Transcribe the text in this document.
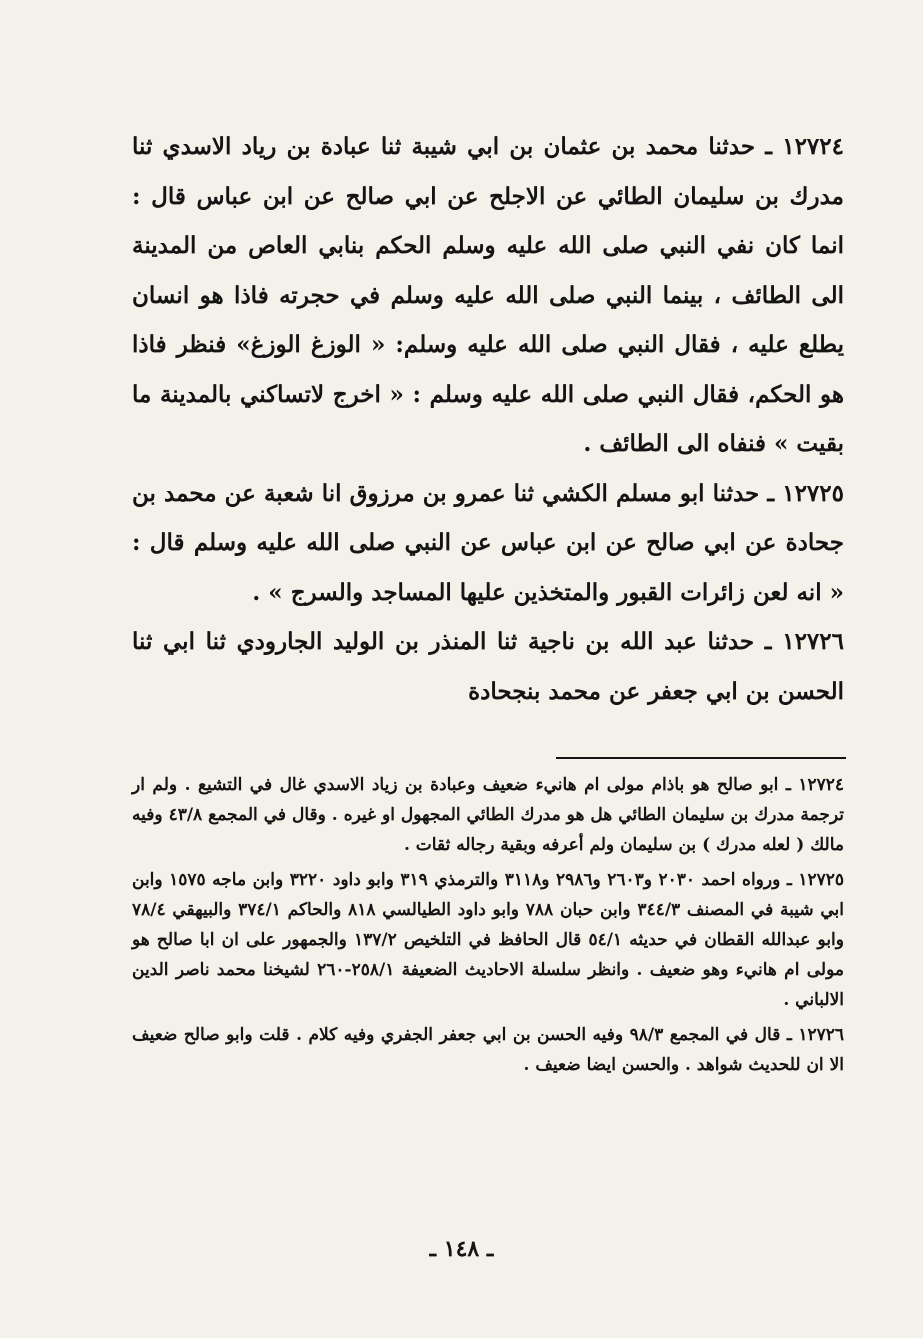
١٢٧٢٤ ـ حدثنا محمد بن عثمان بن ابي شيبة ثنا عبادة بن رياد الاسدي ثنا مدرك بن سليمان الطائي عن الاجلح عن ابي صالح عن ابن عباس قال : انما كان نفي النبي صلى الله عليه وسلم الحكم بنابي العاص من المدينة الى الطائف ، بينما النبي صلى الله عليه وسلم في حجرته فاذا هو انسان يطلع عليه ، فقال النبي صلى الله عليه وسلم: « الوزغ الوزغ» فنظر فاذا هو الحكم، فقال النبي صلى الله عليه وسلم : « اخرج لاتساكني بالمدينة ما بقيت » فنفاه الى الطائف .

١٢٧٢٥ ـ حدثنا ابو مسلم الكشي ثنا عمرو بن مرزوق انا شعبة عن محمد بن جحادة عن ابي صالح عن ابن عباس عن النبي صلى الله عليه وسلم قال : « انه لعن زائرات القبور والمتخذين عليها المساجد والسرج » .

١٢٧٢٦ ـ حدثنا عبد الله بن ناجية ثنا المنذر بن الوليد الجارودي ثنا ابي ثنا الحسن بن ابي جعفر عن محمد بنجحادة

١٢٧٢٤ ـ ابو صالح هو باذام مولى ام هانيء ضعيف وعبادة بن زياد الاسدي غال في التشيع . ولم ار ترجمة مدرك بن سليمان الطائي هل هو مدرك الطائي المجهول او غيره . وقال في المجمع ٤٣/٨ وفيه مالك ( لعله مدرك ) بن سليمان ولم أعرفه وبقية رجاله ثقات .

١٢٧٢٥ ـ ورواه احمد ٢٠٣٠ و٢٦٠٣ و٢٩٨٦ و٣١١٨ والترمذي ٣١٩ وابو داود ٣٢٢٠ وابن ماجه ١٥٧٥ وابن ابي شيبة في المصنف ٣٤٤/٣ وابن حبان ٧٨٨ وابو داود الطيالسي ٨١٨ والحاكم ٣٧٤/١ والبيهقي ٧٨/٤ وابو عبدالله القطان في حديثه ٥٤/١ قال الحافظ في التلخيص ١٣٧/٢ والجمهور على ان ابا صالح هو مولى ام هانيء وهو ضعيف . وانظر سلسلة الاحاديث الضعيفة ٢٥٨/١-٢٦٠ لشيخنا محمد ناصر الدين الالباني .

١٢٧٢٦ ـ قال في المجمع ٩٨/٣ وفيه الحسن بن ابي جعفر الجفري وفيه كلام . قلت وابو صالح ضعيف الا ان للحديث شواهد . والحسن ايضا ضعيف .

ـ ١٤٨ ـ
